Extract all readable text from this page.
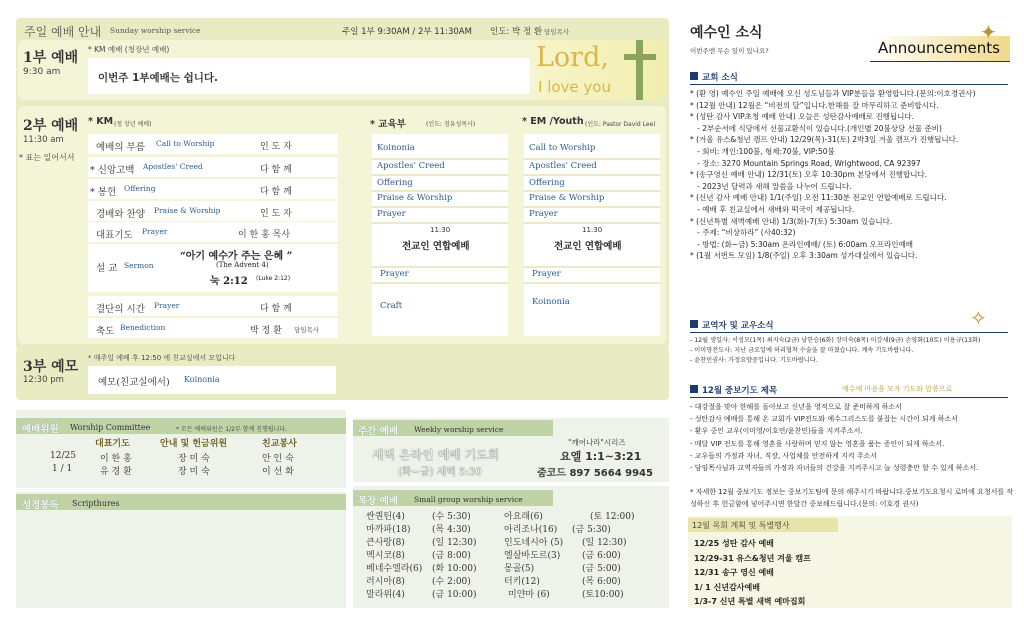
주일 예배 안내 Sunday worship service	주일 1부 9:30AM / 2부 11:30AM 인도: 박 정 환 담임목사
1부 예배
9:30 am
* KM 예배 (청장년 예배)
이번주 1부예배는 쉽니다.
Lord,
I love you
2부 예배
11:30 am
* 표는 일어서서
* KM (청 장년 예배)
예배의 부름 Call to Worship	인 도 자
* 신앙고백 Apostles' Creed	다 함 께
* 봉헌 Offering	다 함 께
경배와 찬양 Praise & Worship	인 도 자
대표기도 Prayer	이 한 홍 목사
설 교 Sermon
“아기 예수가 주는 은혜 ”
(The Advent 4)
눅 2:12 (Luke 2:12)
결단의 시간 Prayer	다 함 께
축도 Benediction	박 정 환 담임목사
* 교육부	(인도: 정유성목사)
Koinonia
Apostles' Creed
Offering
Praise & Worship
Prayer
11:30
전교인 연합예배
Prayer
Craft
* EM /Youth (인도: Pastor David Lee)
Call to Worship
Apostles' Creed
Offering
Praise & Worship
Prayer
11:30
전교인 연합예배
Prayer
Koinonia
3부 예모
12:30 pm
* 매주일 예배 후 12:50 에 친교실에서 모입니다
예모(친교실에서) Koinonia
예배위원 Worship Committee	* 모든 예배위원은 1/2부 함께 진행됩니다.
대표기도	안내 및 헌금위원	친교봉사
12/25	이 한 홍	장 미 숙	안 인 숙
1 / 1	유 경 환	장 미 숙	이 선 화
성경봉독 Scripthures
주간 예배 Weekly worship service
새벽 온라인 예배 기도회
(화~금) 새벽 5:30
"깨어나라"시리즈
요엘 1:1~3:21
줌코드 897 5664 9945
목장 예배 Small group worship service
싼퀀틴(4)	(수 5:30)	아요래(6)	(토 12:00)
마까파(18) (목 4:30)	아리조나(16) (금 5:30)
큰사랑(8)	(일 12:30)	인도네시아 (5) (일 12:30)
멕시코(8)	(금 8:00)	엘살바도르(3) (금 6:00)
베네수엘라(6) (화 10:00)	몽골(5)	(금 5:00)
러시아(8)	(수 2:00)	터키(12)	(목 6:00)
말라위(4)	(금 10:00)	미얀마 (6)	(토10:00)
예수인 소식
이번주엔 무슨 일이 있나요?	Announcements
✦
교회 소식
* (환 영) 예수인 주일 예배에 오신 성도님들과 VIP분들을 환영합니다.(문의:이호경권사)
* (12월 안내) 12월은 “비전의 달”입니다.한해를 잘 마무리하고 준비합시다.
* (성탄 감사 VIP초청 예배 안내) 오늘은 성탄감사예배로 진행됩니다.
- 2부순서에 식당에서 선물교환식이 있습니다.(개인별 20불상당 선물 준비)
* (겨울 유스&청년 캠프 안내) 12/29(목)-31(토) 2박3일 겨울 캠프가 진행됩니다.
- 회비: 개인:100불, 형제:70불, VIP:50불
- 장소: 3270 Mountain Springs Road, Wrightwood, CA 92397
* (송구영신 예배 안내) 12/31(토) 오후 10:30pm 본당에서 진행합니다.
- 2023년 달력과 새해 말씀을 나누어 드립니다.
* (신년 감사 예배 안내) 1/1(주일) 오전 11:30분 전교인 연합예배로 드립니다.
- 예배 후 친교실에서 새배와 떡국이 제공됩니다.
* (신년특별 새벽예배 안내) 1/3(화)-7(토) 5:30am 있습니다.
- 주제: “비상하라” (사40:32)
- 방법: (화~금) 5:30am 온라인예배/ (토) 6:00am 오프라인예배
* (1월 서번트 모임) 1/8(주일) 오후 3:30am 성가대실에서 있습니다.
교역자 및 교우소식	✧
- 12월 생일자: 서성모(1목) 최지숙(2금) 남한승(6화) 장미숙(8목) 이강세(9금) 손영화(10토) 이용규(13화)
- 이미영전도사: 지난 금요일에 허리협착 수술을 잘 마쳤습니다. 계속 기도바랍니다.
- 윤찬민권사: 가정요양중입니다. 기도바랍니다.
12월 중보기도 제목	예수에 마음을 모자 기도와 말씀으로
- 대강절을 맞아 한해를 돌아보고 신년을 영적으로 잘 준비하게 하소서
- 성탄감사 예배를 통해 온 교회가 VIP전도와 예수그리스도를 붙잡는 시간이 되게 하소서
- 환우 중인 교우(이미영/이호연/윤찬민)들을 지켜주소서.
- 매달 VIP 전도를 통해 영혼을 사랑하며 믿지 않는 영혼을 품는 증인이 되게 하소서.
- 교우들의 가정과 자녀, 직장, 사업체를 안전하게 지켜 주소서
- 담임목사님과 교역자들의 가정과 자녀들의 건강을 지켜주시고 늘 성령충만 할 수 있게 하소서.
* 자세한 12월 중보기도 정보는 중보기도팀에 문의 해주시기 바랍니다.중보기도요청시 로비에 요청서를 작성하신 후 헌금함에 넣어주시면 한달간 중보해드립니다.(문의: 이호경 권사)
12월 목회 계획 및 특별행사
12/25 성탄 감사 예배
12/29-31 유스&청년 겨울 캠프
12/31 송구 영신 예배
1/ 1 신년감사예배
1/3-7 신년 특별 새벽 예마집회
